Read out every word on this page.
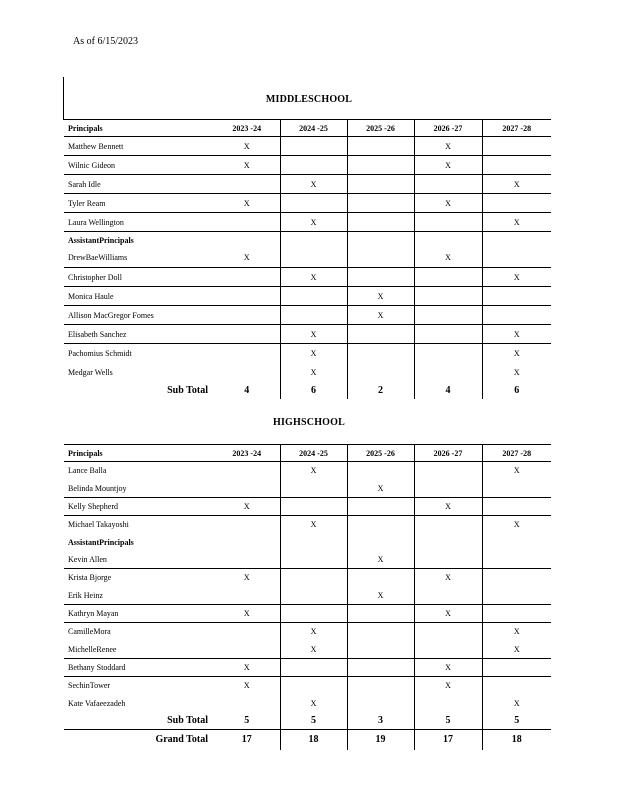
As of 6/15/2023
MIDDLESCHOOL
Principals	2023 -24	2024 -25	2025 -26	2026 -27	2027 -28
Matthew Bennett	X			X	
Wilnic Gideon	X			X	
Sarah Idle		X			X
Tyler Ream	X			X	
Laura Wellington		X			X
AssistantPrincipals					
DrewBaeWilliams	X			X	
Christopher Doll		X			X
Monica Haule			X		
Allison MacGregor Fomes			X		
Elisabeth Sanchez		X			X
Pachomius Schmidt		X			X
Medgar Wells		X			X
Sub Total	4	6	2	4	6
HIGHSCHOOL
Principals	2023 -24	2024 -25	2025 -26	2026 -27	2027 -28
Lance Balla		X			X
Belinda Mountjoy			X		
Kelly Shepherd	X			X	
Michael Takayoshi		X			X
AssistantPrincipals					
Kevin Allen			X		
Krista Bjorge	X			X	
Erik Heinz			X		
Kathryn Mayan	X			X	
CamilleMora		X			X
MichelleRenee		X			X
Bethany Stoddard	X			X	
SechinTower	X			X	
Kate Vafaeezadeh		X			X
Sub Total	5	5	3	5	5
Grand Total	17	18	19	17	18
